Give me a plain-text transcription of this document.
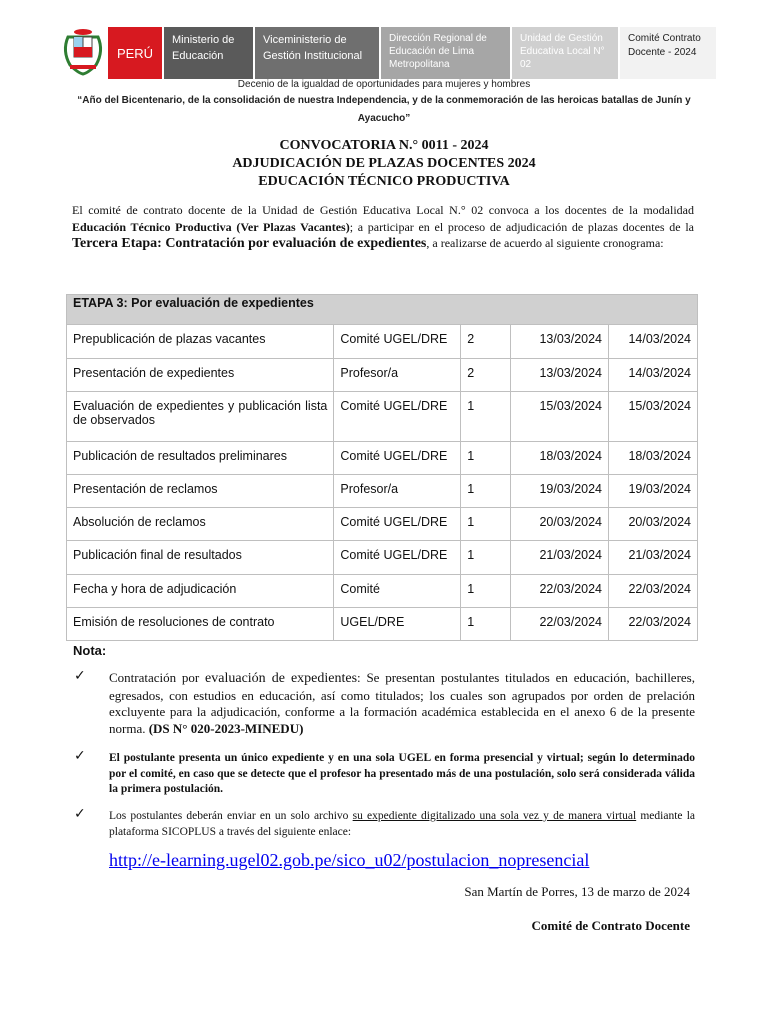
PERÚ
Ministerio de Educación
Viceministerio de Gestión Institucional
Dirección Regional de Educación de Lima Metropolitana
Unidad de Gestión Educativa Local N° 02
Comité Contrato Docente - 2024
Decenio de la igualdad de oportunidades para mujeres y hombres
“Año del Bicentenario, de la consolidación de nuestra Independencia, y de la conmemoración de las heroicas batallas de Junín y Ayacucho”
CONVOCATORIA N.° 0011 - 2024
ADJUDICACIÓN DE PLAZAS DOCENTES 2024
EDUCACIÓN TÉCNICO PRODUCTIVA
El comité de contrato docente de la Unidad de Gestión Educativa Local N.° 02 convoca a los docentes de la modalidad Educación Técnico Productiva (Ver Plazas Vacantes); a participar en el proceso de adjudicación de plazas docentes de la Tercera Etapa: Contratación por evaluación de expedientes, a realizarse de acuerdo al siguiente cronograma:
ETAPA 3: Por evaluación de expedientes				
Prepublicación de plazas vacantes	Comité UGEL/DRE	2	13/03/2024	14/03/2024
Presentación de expedientes	Profesor/a	2	13/03/2024	14/03/2024
Evaluación de expedientes y publicación lista de observados	Comité UGEL/DRE	1	15/03/2024	15/03/2024
Publicación de resultados preliminares	Comité UGEL/DRE	1	18/03/2024	18/03/2024
Presentación de reclamos	Profesor/a	1	19/03/2024	19/03/2024
Absolución de reclamos	Comité UGEL/DRE	1	20/03/2024	20/03/2024
Publicación final de resultados	Comité UGEL/DRE	1	21/03/2024	21/03/2024
Fecha y hora de adjudicación	Comité	1	22/03/2024	22/03/2024
Emisión de resoluciones de contrato	UGEL/DRE	1	22/03/2024	22/03/2024
Nota:
✓ Contratación por evaluación de expedientes: Se presentan postulantes titulados en educación, bachilleres, egresados, con estudios en educación, así como titulados; los cuales son agrupados por orden de prelación excluyente para la adjudicación, conforme a la formación académica establecida en el anexo 6 de la presente norma. (DS N° 020-2023-MINEDU)
✓ El postulante presenta un único expediente y en una sola UGEL en forma presencial y virtual; según lo determinado por el comité, en caso que se detecte que el profesor ha presentado más de una postulación, solo será considerada válida la primera postulación.
✓ Los postulantes deberán enviar en un solo archivo su expediente digitalizado una sola vez y de manera virtual mediante la plataforma SICOPLUS a través del siguiente enlace:
http://e-learning.ugel02.gob.pe/sico_u02/postulacion_nopresencial
San Martín de Porres, 13 de marzo de 2024
Comité de Contrato Docente
